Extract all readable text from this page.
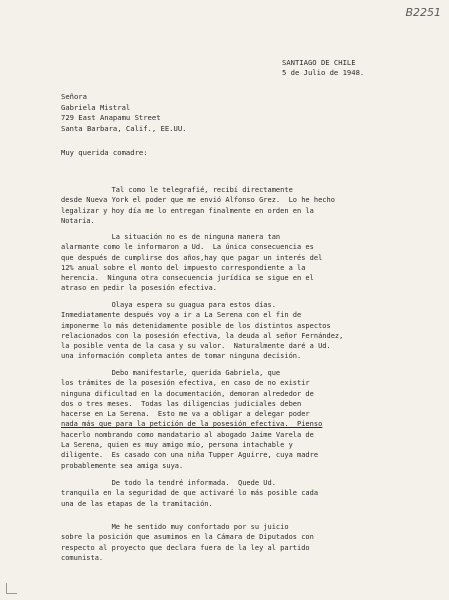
B2251
SANTIAGO DE CHILE
5 de Julio de 1948.
Señora
Gabriela Mistral
729 East Anapamu Street
Santa Barbara, Calif., EE.UU.
Muy querida comadre:
Tal como le telegrafié, recibí directamente
desde Nueva York el poder que me envió Alfonso Grez.  Lo he hecho
legalizar y hoy día me lo entregan finalmente en orden en la
Notaría.
La situación no es de ninguna manera tan
alarmante como le informaron a Ud.  La única consecuencia es
que después de cumplirse dos años,hay que pagar un interés del
12% anual sobre el monto del impuesto correspondiente a la
herencia.  Ninguna otra consecuencia jurídica se sigue en el
atraso en pedir la posesión efectiva.
Olaya espera su guagua para estos días.
Inmediatamente después voy a ir a La Serena con el fin de
imponerme lo más detenidamente posible de los distintos aspectos
relacionados con la posesión efectiva, la deuda al señor Fernández,
la posible venta de la casa y su valor.  Naturalmente daré a Ud.
una información completa antes de tomar ninguna decisión.
Debo manifestarle, querida Gabriela, que
los trámites de la posesión efectiva, en caso de no existir
ninguna dificultad en la documentación, demoran alrededor de
dos o tres meses.  Todas las diligencias judiciales deben
hacerse en La Serena.  Esto me va a obligar a delegar poder
nada más que para la petición de la posesión efectiva.  Pienso
hacerlo nombrando como mandatario al abogado Jaime Varela de
La Serena, quien es muy amigo mío, persona intachable y
diligente.  Es casado con una niña Tupper Aguirre, cuya madre
probablemente sea amiga suya.
De todo la tendré informada.  Quede Ud.
tranquila en la seguridad de que activaré lo más posible cada
una de las etapas de la tramitación.
Me he sentido muy confortado por su juicio
sobre la posición que asumimos en la Cámara de Diputados con
respecto al proyecto que declara fuera de la ley al partido
comunista.
